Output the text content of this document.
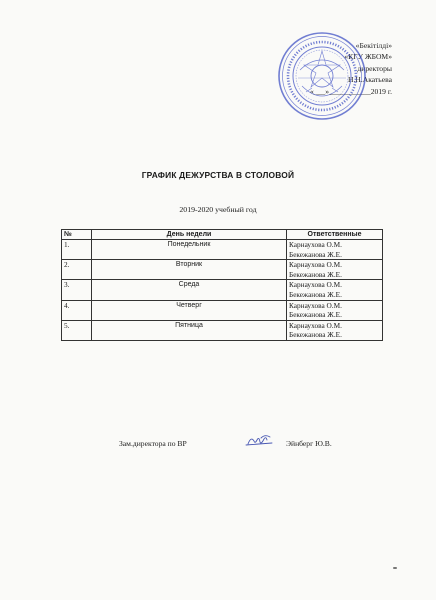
«Бекітілді»
«КГУ ЖБОМ»
директоры
Н.Н.Акатьева
«___»___________2019 г.
ГРАФИК ДЕЖУРСТВА В СТОЛОВОЙ
2019-2020 учебный год
№	День недели	Ответственные
1.	Понедельник	Карнаухова О.М.
Бекежанова Ж.Е.

2.	Вторник	Карнаухова О.М.
Бекежанова Ж.Е.

3.	Среда	Карнаухова О.М.
Бекежанова Ж.Е.

4.	Четверг	Карнаухова О.М.
Бекежанова Ж.Е.

5.	Пятница	Карнаухова О.М.
Бекежанова Ж.Е.
Зам.директора по ВР	Эйнберг Ю.В.
